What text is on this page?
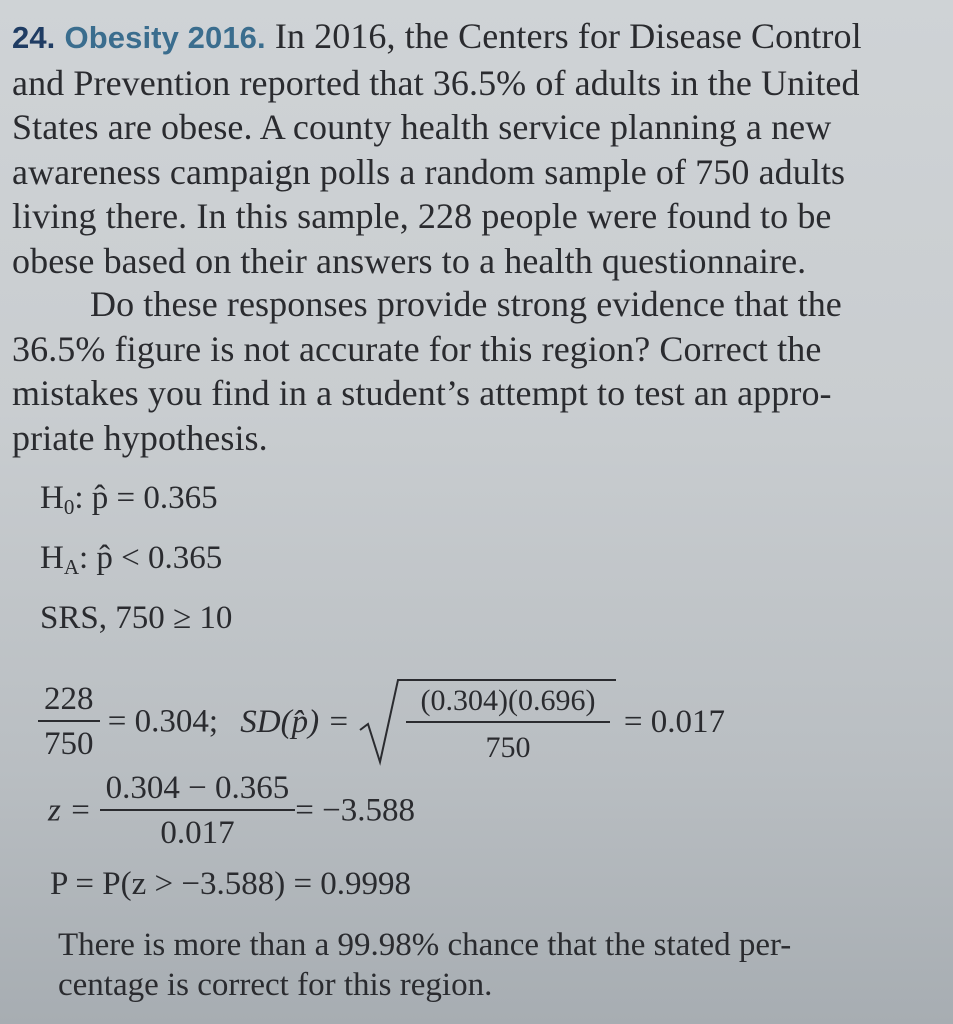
24. Obesity 2016. In 2016, the Centers for Disease Control
and Prevention reported that 36.5% of adults in the United
States are obese. A county health service planning a new
awareness campaign polls a random sample of 750 adults
living there. In this sample, 228 people were found to be
obese based on their answers to a health questionnaire.
Do these responses provide strong evidence that the
36.5% figure is not accurate for this region? Correct the
mistakes you find in a student’s attempt to test an appro-
priate hypothesis.
$H_0$: p̂ = 0.365
$H_A$: p̂ < 0.365
SRS, 750 ≥ 10
$\frac{228}{750} = 0.304$; SD(p̂) =
(0.304)(0.696)
750
= 0.017
$z = \frac{0.304 - 0.365}{0.017} = -3.588$
P = P(z > −3.588) = 0.9998
There is more than a 99.98% chance that the stated per-
centage is correct for this region.
